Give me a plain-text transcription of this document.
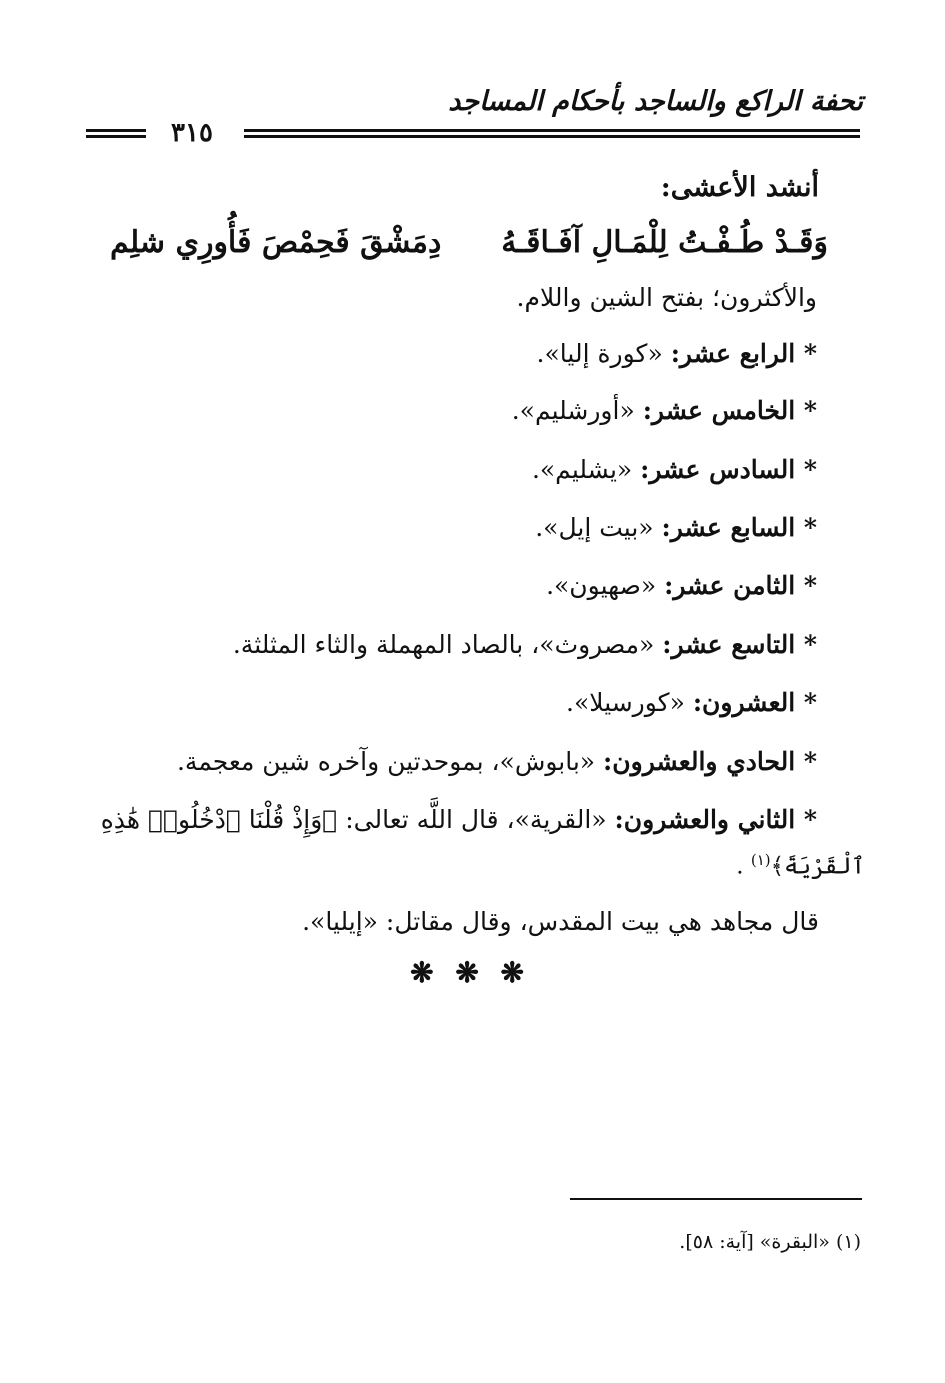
تحفة الراكع والساجد بأحكام المساجد
٣١٥
أنشد الأعشى:
وَقَـدْ طُـفْـتُ لِلْمَـالِ آفَـاقَـهُ
دِمَشْقَ فَحِمْصَ فَأُورِي شلِم
والأكثرون؛ بفتح الشين واللام.
* الرابع عشر: «كورة إليا».
* الخامس عشر: «أورشليم».
* السادس عشر: «يشليم».
* السابع عشر: «بيت إيل».
* الثامن عشر: «صهيون».
* التاسع عشر: «مصروث»، بالصاد المهملة والثاء المثلثة.
* العشرون: «كورسيلا».
* الحادي والعشرون: «بابوش»، بموحدتين وآخره شين معجمة.
* الثاني والعشرون: «القرية»، قال اللَّه تعالى: ﴿وَإِذْ قُلْنَا ٱدْخُلُوا۟ هَٰذِهِ
ٱلْقَرْيَةَ﴾$^{(١)}$ .
قال مجاهد هي بيت المقدس، وقال مقاتل: «إيليا».
❋ ❋ ❋
(١) «البقرة» [آية: ٥٨].
